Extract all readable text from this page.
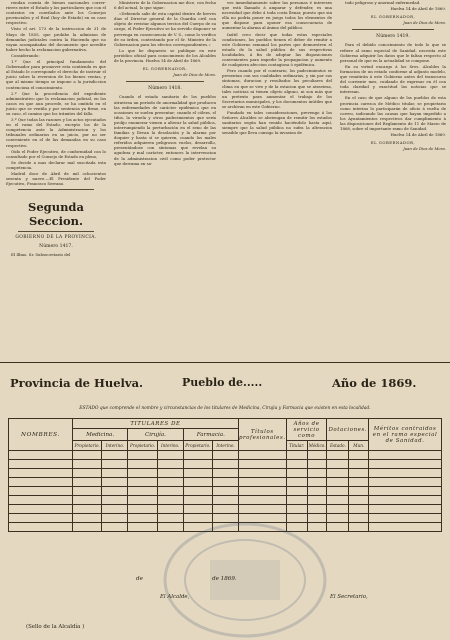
rendan cuenta de bienes nacionales correr-rieres entre el Estado y los particulares que con el contratos en convilados ante los Consejos provinciales y el Real (hoy de Estado) en su caso respectivo.

Visto el art. 173 de la instruccion de 31 de Mayo de 1855, que prohibe la admision de demandas judiciales contra la Hacienda que no vayan acompañadas del documento que acredite haber hecho la reclamacion gubernativa.

Considerando:

1.º Que el principal fundamento del Gobernador para promover esta contienda es que al Estado le corresponde el derecho de instruir el juicio sobre la reversion de los bienes ventas, y que al mismo tiempo se impone a la jurisdiccion contenciosa el conocimiento.

2.º Que la procedencia del expediente administrativo que la reclamacion judicial, en los casos en que aun procede, se ha omitido en el juicio que se ventila y por sentencia ya firme, en su caso, el camino que los trámites del fallo.

3.º Que todas las razones y los actos ejecutados en el ramo del Estado, excepto los de la competencia ante la Administracion y los tribunales ordinarios en su juicio, por no ser conveniente en el de las demandas en su caso respectivo.

Oido el Poder Ejecutivo, de conformidad con lo consultado por el Consejo de Estado en pleno,

Se decide a mas declarar mal suscitada esta competencia.

Madrid doce de Abril de mil ochocientos sesenta y nueve.—El Presidente del Poder Ejecutivo, Francisco Serrano.

Segunda Seccion.
GOBIERNO DE LA PROVINCIA.
Número 1417.

El Illmo. Sr. Subsecretario del

Ministerio de la Gobernacion me dice, con fecha 6 del actual, lo que sigue:

«Debiendo salir de esta capital dentro de breves dias el Director general de la Guardia civil con objeto de revistar algunos tercios del Cuerpo de su cargo, el Poder Ejecutivo se ha servido disponer se prevenga en consecuencia de V. S., como lo verifico de su órden, contestando por el Sr. Ministro de la Gobernacion para los efectos correspondientes.»

Lo que he dispuesto se publique en este periódico oficial para conocimiento de los Alcaldes de la provincia. Huelva 14 de Abril de 1869.

EL GOBERNADOR,
Juan de Dios de Mora.
Número 1418.

Cuando el estado sanitario de los pueblos atraviesa un período de anormalidad que producen las enfermedades de carácter epidémico que en ocasiones se suelen presentar; cuando el cólera, el tifus, la viruela y otros padecimientos que sería prolijo enumerar vienen a alterar la salud pública, interrumpiendo la perturbación en el seno de las familias y llevan la desolación y la alarma por doquier y hasta sí se quieren, cuando los males referidos adquieren peligrosos vuelos, desarrollo, presentándose con síntomas que revelan su agudeza y mal carácter, entonces la intervencion de la administracion civil como poder protector que derrama en sa-

ves inmediatamente sobre las personas é intereses que está llamado á amparar y defender, es una necesidad que debe á toda costa llenar, puesto que sin ella no podría poner en juego todos los elementos de que dispone para oponer esa consecuencia de aumentar la alarma al ánimo del público.

Inútil creo decir que todas estas especiales condiciones, los pueblos tienen el deber de remitir a este Gobierno semanal los partes que demuestren el estado de la salud pública de sus respectivas localidades, á fin de adoptar las disposiciones convenientes para impedir la propagacion y aumento de cualquiera afeccion contagiosa ó epidémica.

Pero cuando por el contrario, los padecimientos se presentan con sus cualidades ordinarias, y sin por sus síntomas, duracion y resultados los peculiares del clima en que se vive y de la estacion que se atraviesa, tales noticias ni tienen objeto alguno, ni son más que un pretexto para aumentar el trabajo de los Secretarios municipales, y los documentos inútiles que se archivan en este Gobierno.

Fundado en tales consideraciones, prevengo á los Señores Alcaldes se abstengan de remitir los estados sanitarios según han venido haciéndolo hasta aquí, siempre que la salud pública no sufra la alteracion sensible que lleva consigo la invasion de

todo peligroso y anormal enfermedad.

Huelva 14 de Abril de 1869.

EL GOBERNADOR,
Juan de Dios de Mora.
Número 1419.

Para el debido conocimiento de todo lo que se refiere al ramo especial de Sanidad, necesita este Gobierno adquirir los datos que le faltan respecto al personal de que en la actualidad se compone.

En su virtud encargo á los Sres. Alcaldes la formacion de un estado conforme al adjunto modelo, que remitirán á este Gobierno antes del transcurso del corriente mes, cuidando de expresar en él con toda claridad y exactitud las noticias que se interesan.

En el caso de que alguno de los pueblos de esta provincia carezca de Médico titular, se propietario como interino lo participarán de oficio á vuelta de correo, indicando las causas que hayan impedido a los Ayuntamientos respectivos dar cumplimiento á las disposiciones del Reglamento de 11 de Marzo de 1868, sobre el importante ramo de Sanidad.

Huelva 14 de Abril de 1869.

EL GOBERNADOR,
Juan de Dios de Mora.
Provincia de Huelva.	Pueblo de.....	Año de 1869.
ESTADO que comprende el nombre y circunstancias de los titulares de Medicina, Cirujia y Farmacia que existen en esta localidad.
NOMBRES.	TITULARES DE						Títulos profesionales.	Años de servicio como		Dotaciones.		Méritos contraidos en el ramo especial de Sanidad.
	Medicina.		Cirujía.		Farmacia.							
	Propietario.	Interino.	Propietario.	Interino.	Propietario.	Interino.		Titular.	Médico.	Estado.	Mun.	

de	de 1869.
El Alcalde,	El Secretario,
(Sello de la Alcaldía )
